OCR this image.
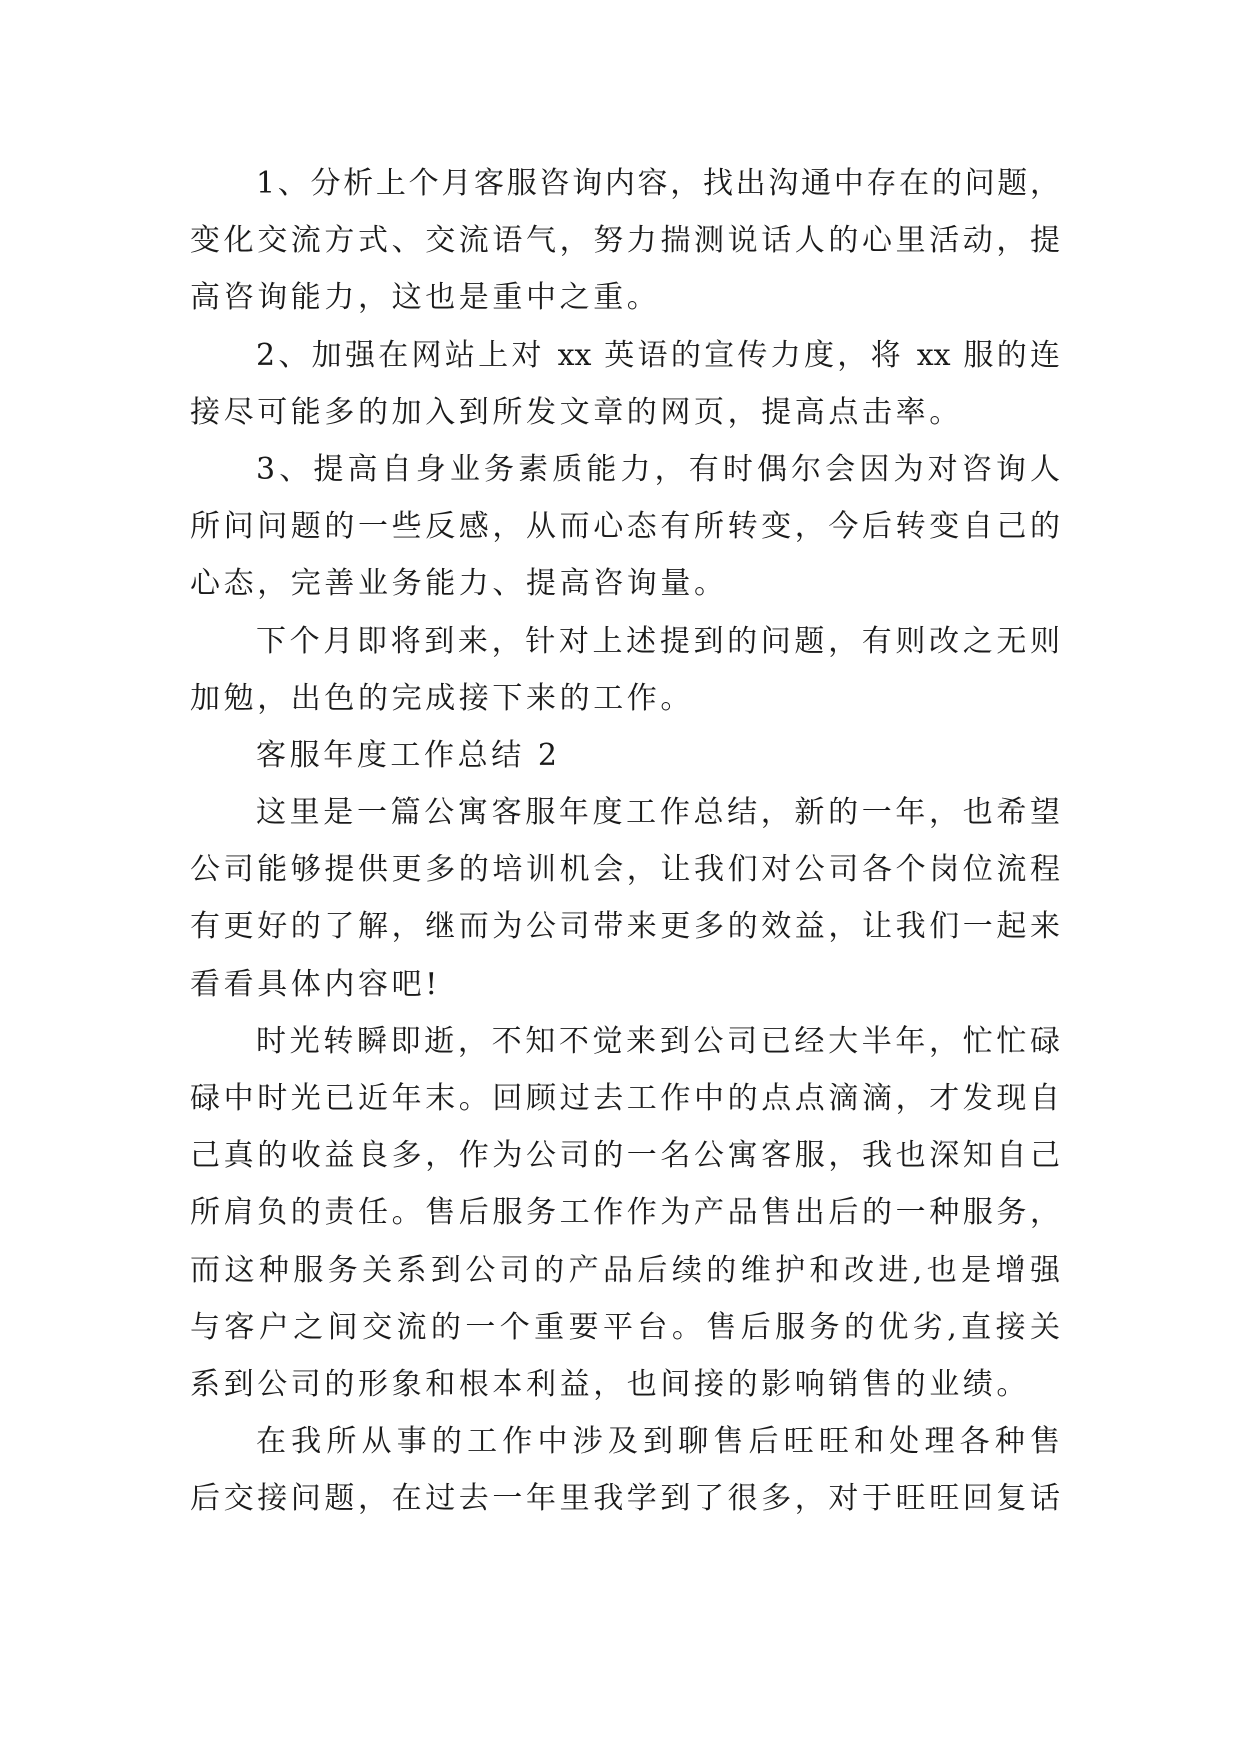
1、分析上个月客服咨询内容，找出沟通中存在的问题，
变化交流方式、交流语气，努力揣测说话人的心里活动，提
高咨询能力，这也是重中之重。
2、加强在网站上对 xx 英语的宣传力度，将 xx 服的连
接尽可能多的加入到所发文章的网页，提高点击率。
3、提高自身业务素质能力，有时偶尔会因为对咨询人
所问问题的一些反感，从而心态有所转变，今后转变自己的
心态，完善业务能力、提高咨询量。
下个月即将到来，针对上述提到的问题，有则改之无则
加勉，出色的完成接下来的工作。
客服年度工作总结 2
这里是一篇公寓客服年度工作总结，新的一年，也希望
公司能够提供更多的培训机会，让我们对公司各个岗位流程
有更好的了解，继而为公司带来更多的效益，让我们一起来
看看具体内容吧!
时光转瞬即逝，不知不觉来到公司已经大半年，忙忙碌
碌中时光已近年末。回顾过去工作中的点点滴滴，才发现自
己真的收益良多，作为公司的一名公寓客服，我也深知自己
所肩负的责任。售后服务工作作为产品售出后的一种服务，
而这种服务关系到公司的产品后续的维护和改进,也是增强
与客户之间交流的一个重要平台。售后服务的优劣,直接关
系到公司的形象和根本利益，也间接的影响销售的业绩。
在我所从事的工作中涉及到聊售后旺旺和处理各种售
后交接问题，在过去一年里我学到了很多，对于旺旺回复话
